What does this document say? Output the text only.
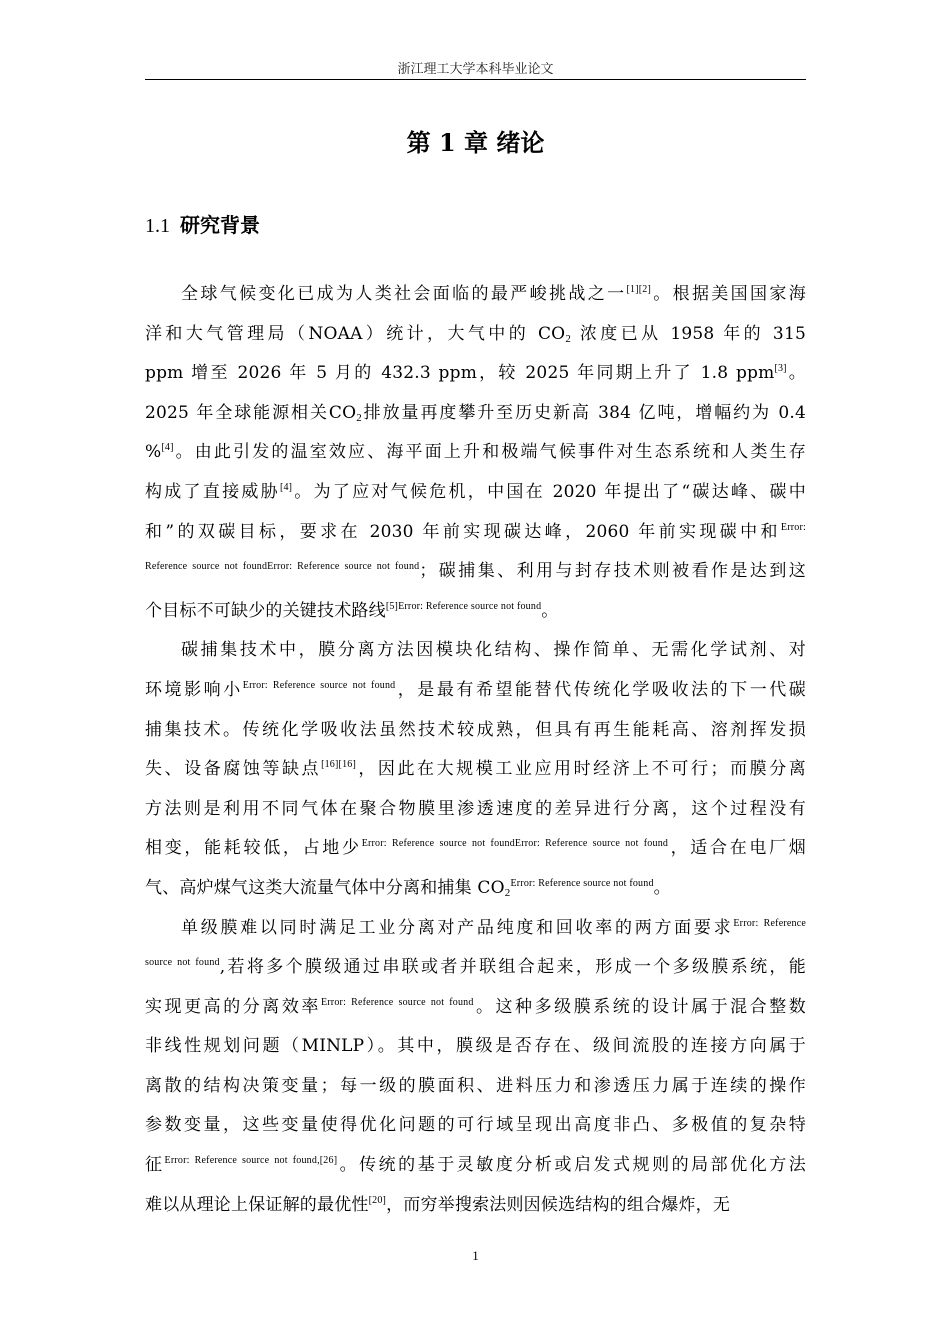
浙江理工大学本科毕业论文
第 1 章 绪论
1.1 研究背景
全球气候变化已成为人类社会面临的最严峻挑战之一[1][2]。根据美国国家海
洋和大气管理局（NOAA）统计，大气中的 $CO_2$ 浓度已从 1958 年的 315
ppm 增至 2026 年 5 月的 432.3 ppm，较 2025 年同期上升了 1.8 ppm[3]。
2025 年全球能源相关$CO_2$排放量再度攀升至历史新高 384 亿吨，增幅约为 0.4
%[4]。由此引发的温室效应、海平面上升和极端气候事件对生态系统和人类生存
构成了直接威胁[4]。为了应对气候危机，中国在 2020 年提出了“碳达峰、碳中
和”的双碳目标，要求在 2030 年前实现碳达峰，2060 年前实现碳中和$^{Error:}$
$^{Reference source not foundError: Reference source not found}$；碳捕集、利用与封存技术则被看作是达到这
个目标不可缺少的关键技术路线$^{[5]Error: Reference source not found}$。
碳捕集技术中，膜分离方法因模块化结构、操作简单、无需化学试剂、对
环境影响小$^{Error: Reference source not found}$，是最有希望能替代传统化学吸收法的下一代碳
捕集技术。传统化学吸收法虽然技术较成熟，但具有再生能耗高、溶剂挥发损
失、设备腐蚀等缺点[16][16]，因此在大规模工业应用时经济上不可行；而膜分离
方法则是利用不同气体在聚合物膜里渗透速度的差异进行分离，这个过程没有
相变，能耗较低，占地少$^{Error: Reference source not foundError: Reference source not found}$，适合在电厂烟
气、高炉煤气这类大流量气体中分离和捕集 $CO_2^{Error: Reference source not found}$。
单级膜难以同时满足工业分离对产品纯度和回收率的两方面要求$^{Error: Reference}$
$^{source not found}$,若将多个膜级通过串联或者并联组合起来，形成一个多级膜系统，能
实现更高的分离效率$^{Error: Reference source not found}$。这种多级膜系统的设计属于混合整数
非线性规划问题（MINLP）。其中，膜级是否存在、级间流股的连接方向属于
离散的结构决策变量；每一级的膜面积、进料压力和渗透压力属于连续的操作
参数变量，这些变量使得优化问题的可行域呈现出高度非凸、多极值的复杂特
征$^{Error: Reference source not found,[26]}$。传统的基于灵敏度分析或启发式规则的局部优化方法
难以从理论上保证解的最优性[20]，而穷举搜索法则因候选结构的组合爆炸，无
1
